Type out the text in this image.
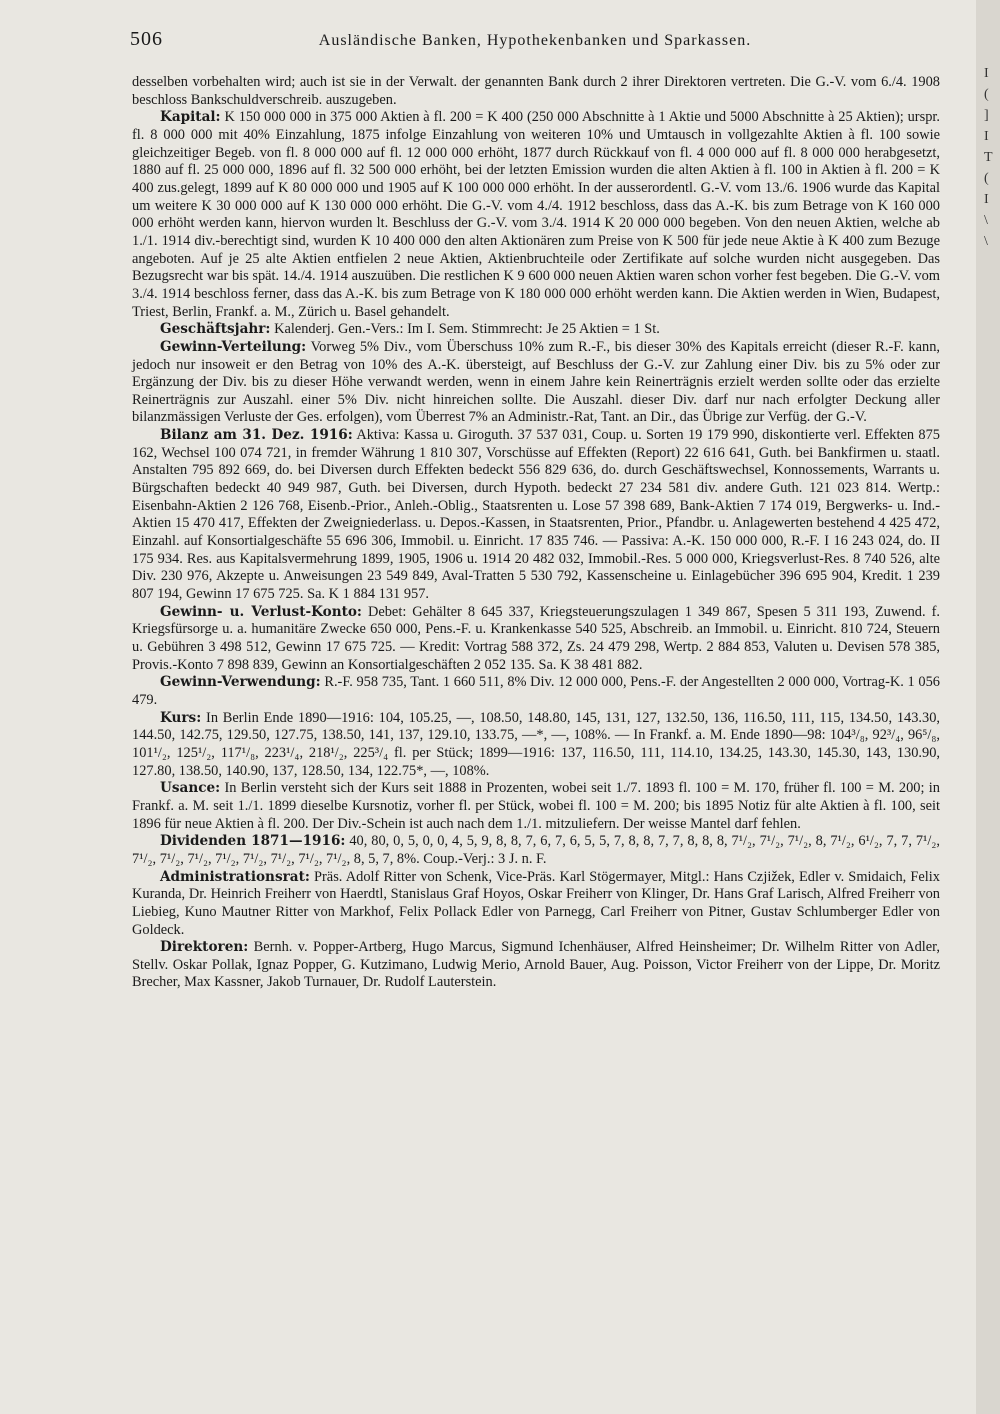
506	Ausländische Banken, Hypothekenbanken und Sparkassen.

desselben vorbehalten wird; auch ist sie in der Verwalt. der genannten Bank durch 2 ihrer Direktoren vertreten. Die G.-V. vom 6./4. 1908 beschloss Bankschuldverschreib. auszugeben.

Kapital: K 150 000 000 in 375 000 Aktien à fl. 200 = K 400 (250 000 Abschnitte à 1 Aktie und 5000 Abschnitte à 25 Aktien); urspr. fl. 8 000 000 mit 40% Einzahlung, 1875 infolge Einzahlung von weiteren 10% und Umtausch in vollgezahlte Aktien à fl. 100 sowie gleichzeitiger Begeb. von fl. 8 000 000 auf fl. 12 000 000 erhöht, 1877 durch Rückkauf von fl. 4 000 000 auf fl. 8 000 000 herabgesetzt, 1880 auf fl. 25 000 000, 1896 auf fl. 32 500 000 erhöht, bei der letzten Emission wurden die alten Aktien à fl. 100 in Aktien à fl. 200 = K 400 zus.gelegt, 1899 auf K 80 000 000 und 1905 auf K 100 000 000 erhöht. In der ausserordentl. G.-V. vom 13./6. 1906 wurde das Kapital um weitere K 30 000 000 auf K 130 000 000 erhöht. Die G.-V. vom 4./4. 1912 beschloss, dass das A.-K. bis zum Betrage von K 160 000 000 erhöht werden kann, hiervon wurden lt. Beschluss der G.-V. vom 3./4. 1914 K 20 000 000 begeben. Von den neuen Aktien, welche ab 1./1. 1914 div.-berechtigt sind, wurden K 10 400 000 den alten Aktionären zum Preise von K 500 für jede neue Aktie à K 400 zum Bezuge angeboten. Auf je 25 alte Aktien entfielen 2 neue Aktien, Aktienbruchteile oder Zertifikate auf solche wurden nicht ausgegeben. Das Bezugsrecht war bis spät. 14./4. 1914 auszuüben. Die restlichen K 9 600 000 neuen Aktien waren schon vorher fest begeben. Die G.-V. vom 3./4. 1914 beschloss ferner, dass das A.-K. bis zum Betrage von K 180 000 000 erhöht werden kann. Die Aktien werden in Wien, Budapest, Triest, Berlin, Frankf. a. M., Zürich u. Basel gehandelt.

Geschäftsjahr: Kalenderj. Gen.-Vers.: Im I. Sem. Stimmrecht: Je 25 Aktien = 1 St.

Gewinn-Verteilung: Vorweg 5% Div., vom Überschuss 10% zum R.-F., bis dieser 30% des Kapitals erreicht (dieser R.-F. kann, jedoch nur insoweit er den Betrag von 10% des A.-K. übersteigt, auf Beschluss der G.-V. zur Zahlung einer Div. bis zu 5% oder zur Ergänzung der Div. bis zu dieser Höhe verwandt werden, wenn in einem Jahre kein Reinerträgnis erzielt werden sollte oder das erzielte Reinerträgnis zur Auszahl. einer 5% Div. nicht hinreichen sollte. Die Auszahl. dieser Div. darf nur nach erfolgter Deckung aller bilanzmässigen Verluste der Ges. erfolgen), vom Überrest 7% an Administr.-Rat, Tant. an Dir., das Übrige zur Verfüg. der G.-V.

Bilanz am 31. Dez. 1916: Aktiva: Kassa u. Giroguth. 37 537 031, Coup. u. Sorten 19 179 990, diskontierte verl. Effekten 875 162, Wechsel 100 074 721, in fremder Währung 1 810 307, Vorschüsse auf Effekten (Report) 22 616 641, Guth. bei Bankfirmen u. staatl. Anstalten 795 892 669, do. bei Diversen durch Effekten bedeckt 556 829 636, do. durch Geschäftswechsel, Konnossements, Warrants u. Bürgschaften bedeckt 40 949 987, Guth. bei Diversen, durch Hypoth. bedeckt 27 234 581 div. andere Guth. 121 023 814. Wertp.: Eisenbahn-Aktien 2 126 768, Eisenb.-Prior., Anleh.-Oblig., Staatsrenten u. Lose 57 398 689, Bank-Aktien 7 174 019, Bergwerks- u. Ind.-Aktien 15 470 417, Effekten der Zweigniederlass. u. Depos.-Kassen, in Staatsrenten, Prior., Pfandbr. u. Anlagewerten bestehend 4 425 472, Einzahl. auf Konsortialgeschäfte 55 696 306, Immobil. u. Einricht. 17 835 746. — Passiva: A.-K. 150 000 000, R.-F. I 16 243 024, do. II 175 934. Res. aus Kapitalsvermehrung 1899, 1905, 1906 u. 1914 20 482 032, Immobil.-Res. 5 000 000, Kriegsverlust-Res. 8 740 526, alte Div. 230 976, Akzepte u. Anweisungen 23 549 849, Aval-Tratten 5 530 792, Kassenscheine u. Einlagebücher 396 695 904, Kredit. 1 239 807 194, Gewinn 17 675 725. Sa. K 1 884 131 957.

Gewinn- u. Verlust-Konto: Debet: Gehälter 8 645 337, Kriegsteuerungszulagen 1 349 867, Spesen 5 311 193, Zuwend. f. Kriegsfürsorge u. a. humanitäre Zwecke 650 000, Pens.-F. u. Krankenkasse 540 525, Abschreib. an Immobil. u. Einricht. 810 724, Steuern u. Gebühren 3 498 512, Gewinn 17 675 725. — Kredit: Vortrag 588 372, Zs. 24 479 298, Wertp. 2 884 853, Valuten u. Devisen 578 385, Provis.-Konto 7 898 839, Gewinn an Konsortialgeschäften 2 052 135. Sa. K 38 481 882.

Gewinn-Verwendung: R.-F. 958 735, Tant. 1 660 511, 8% Div. 12 000 000, Pens.-F. der Angestellten 2 000 000, Vortrag-K. 1 056 479.

Kurs: In Berlin Ende 1890—1916: 104, 105.25, —, 108.50, 148.80, 145, 131, 127, 132.50, 136, 116.50, 111, 115, 134.50, 143.30, 144.50, 142.75, 129.50, 127.75, 138.50, 141, 137, 129.10, 133.75, —*, —, 108%. — In Frankf. a. M. Ende 1890—98: 104³/₈, 92³/₄, 96⁵/₈, 101¹/₂, 125¹/₂, 117¹/₈, 223¹/₄, 218¹/₂, 225³/₄ fl. per Stück; 1899—1916: 137, 116.50, 111, 114.10, 134.25, 143.30, 145.30, 143, 130.90, 127.80, 138.50, 140.90, 137, 128.50, 134, 122.75*, —, 108%.

Usance: In Berlin versteht sich der Kurs seit 1888 in Prozenten, wobei seit 1./7. 1893 fl. 100 = M. 170, früher fl. 100 = M. 200; in Frankf. a. M. seit 1./1. 1899 dieselbe Kursnotiz, vorher fl. per Stück, wobei fl. 100 = M. 200; bis 1895 Notiz für alte Aktien à fl. 100, seit 1896 für neue Aktien à fl. 200. Der Div.-Schein ist auch nach dem 1./1. mitzuliefern. Der weisse Mantel darf fehlen.

Dividenden 1871—1916: 40, 80, 0, 5, 0, 0, 4, 5, 9, 8, 8, 7, 6, 7, 6, 5, 5, 7, 8, 8, 7, 7, 8, 8, 8, 7¹/₂, 7¹/₂, 7¹/₂, 8, 7¹/₂, 6¹/₂, 7, 7, 7¹/₂, 7¹/₂, 7¹/₂, 7¹/₂, 7¹/₂, 7¹/₂, 7¹/₂, 7¹/₂, 7¹/₂, 8, 5, 7, 8%. Coup.-Verj.: 3 J. n. F.

Administrationsrat: Präs. Adolf Ritter von Schenk, Vice-Präs. Karl Stögermayer, Mitgl.: Hans Czjižek, Edler v. Smidaich, Felix Kuranda, Dr. Heinrich Freiherr von Haerdtl, Stanislaus Graf Hoyos, Oskar Freiherr von Klinger, Dr. Hans Graf Larisch, Alfred Freiherr von Liebieg, Kuno Mautner Ritter von Markhof, Felix Pollack Edler von Parnegg, Carl Freiherr von Pitner, Gustav Schlumberger Edler von Goldeck.

Direktoren: Bernh. v. Popper-Artberg, Hugo Marcus, Sigmund Ichenhäuser, Alfred Heinsheimer; Dr. Wilhelm Ritter von Adler, Stellv. Oskar Pollak, Ignaz Popper, G. Kutzimano, Ludwig Merio, Arnold Bauer, Aug. Poisson, Victor Freiherr von der Lippe, Dr. Moritz Brecher, Max Kassner, Jakob Turnauer, Dr. Rudolf Lauterstein.

I
(
]
I
T
(
I
\
\
